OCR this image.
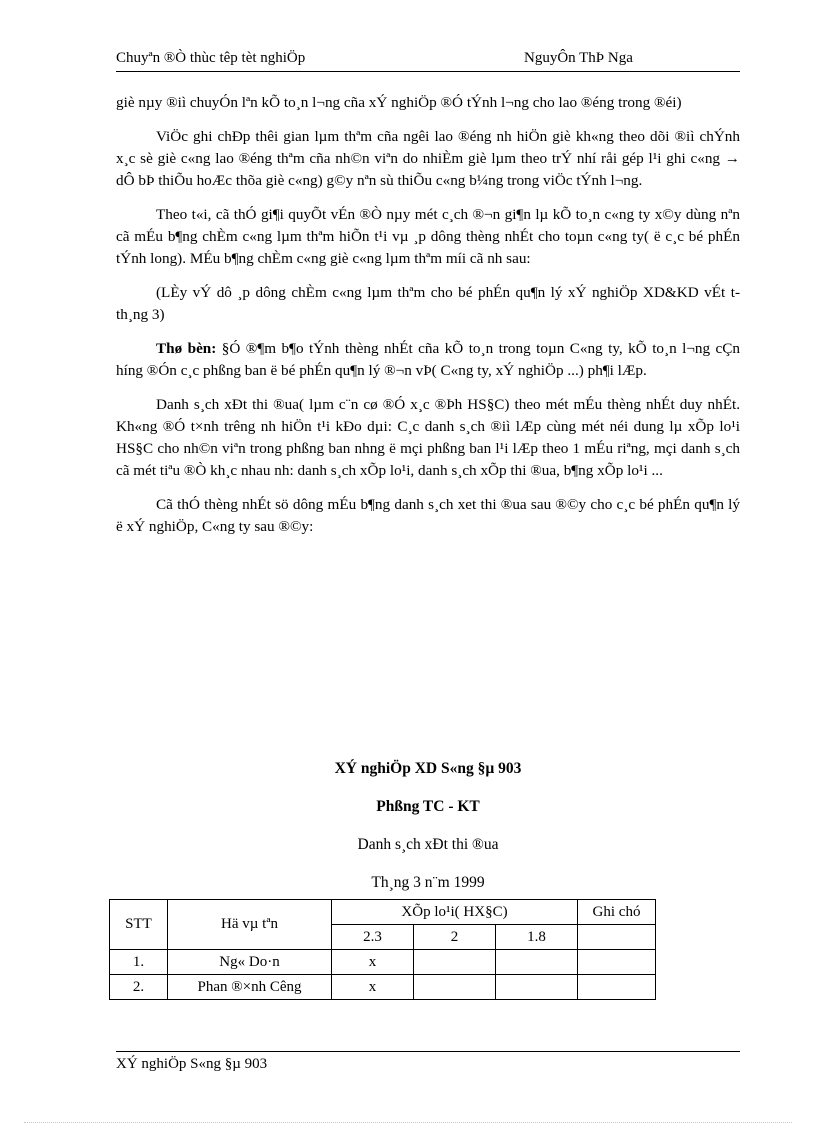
Chuyªn ®Ò thùc têp tèt nghiÖp	NguyÔn ThÞ Nga

giè nµy ®iì chuyÓn lªn kÕ to¸n l¬ng cña xÝ nghiÖp ®Ó tÝnh l¬ng cho lao ®éng trong ®éi)

ViÖc ghi chÐp thêi gian lµm thªm cña ngêi lao ®éng nh hiÖn giè kh«ng theo dõi ®iì chÝnh x¸c sè giè c«ng lao ®éng thªm cña nh©n viªn do nhiÈm giè lµm theo trÝ nhí råi gép l¹i ghi c«ng → dÔ bÞ thiÕu hoÆc thõa giè c«ng) g©y nªn sù thiÕu c«ng b¼ng trong viÖc tÝnh l¬ng.

Theo t«i, cã thÓ gi¶i quyÕt vÉn ®Ò nµy mét c¸ch ®¬n gi¶n lµ kÕ to¸n c«ng ty x©y dùng nªn cã mÉu b¶ng chÈm c«ng lµm thªm hiÕn t¹i vµ ¸p dông thèng nhÉt cho toµn c«ng ty( ë c¸c bé phÉn tÝnh long). MÉu b¶ng chÈm c«ng giè c«ng lµm thªm míi cã nh sau:

(LÈy vÝ dô ¸p dông chÈm c«ng lµm thªm cho bé phÉn qu¶n lý xÝ nghiÖp XD&KD vÉt t th¸ng 3)

Thø bèn: §Ó ®¶m b¶o tÝnh thèng nhÉt cña kÕ to¸n trong toµn C«ng ty, kÕ to¸n l¬ng cÇn híng ®Ón c¸c phßng ban ë bé phÉn qu¶n lý ®¬n vÞ( C«ng ty, xÝ nghiÖp ...) ph¶i lÆp.

Danh s¸ch xÐt thi ®ua( lµm c¨n cø ®Ó x¸c ®Þh HS§C) theo mét mÉu thèng nhÉt duy nhÉt. Kh«ng ®Ó t×nh trêng nh hiÖn t¹i kÐo dµi: C¸c danh s¸ch ®iì lÆp cùng mét néi dung lµ xÕp lo¹i HS§C cho nh©n viªn trong phßng ban nhng ë mçi phßng ban l¹i lÆp theo 1 mÉu riªng, mçi danh s¸ch cã mét tiªu ®Ò kh¸c nhau nh: danh s¸ch xÕp lo¹i, danh s¸ch xÕp thi ®ua, b¶ng xÕp lo¹i ...

Cã thÓ thèng nhÉt sö dông mÉu b¶ng danh s¸ch xet thi ®ua sau ®©y cho c¸c bé phÉn qu¶n lý ë xÝ nghiÖp, C«ng ty sau ®©y:

XÝ nghiÖp XD S«ng §µ 903
Phßng TC - KT
Danh s¸ch xÐt thi ®ua
Th¸ng 3 n¨m 1999
STT	Hä vµ tªn	XÕp lo¹i( HX§C)			Ghi chó
		2.3	2	1.8	
1.	Ng« Do·n	x			
2.	Phan ®×nh Cêng	x			
XÝ nghiÖp S«ng §µ 903
